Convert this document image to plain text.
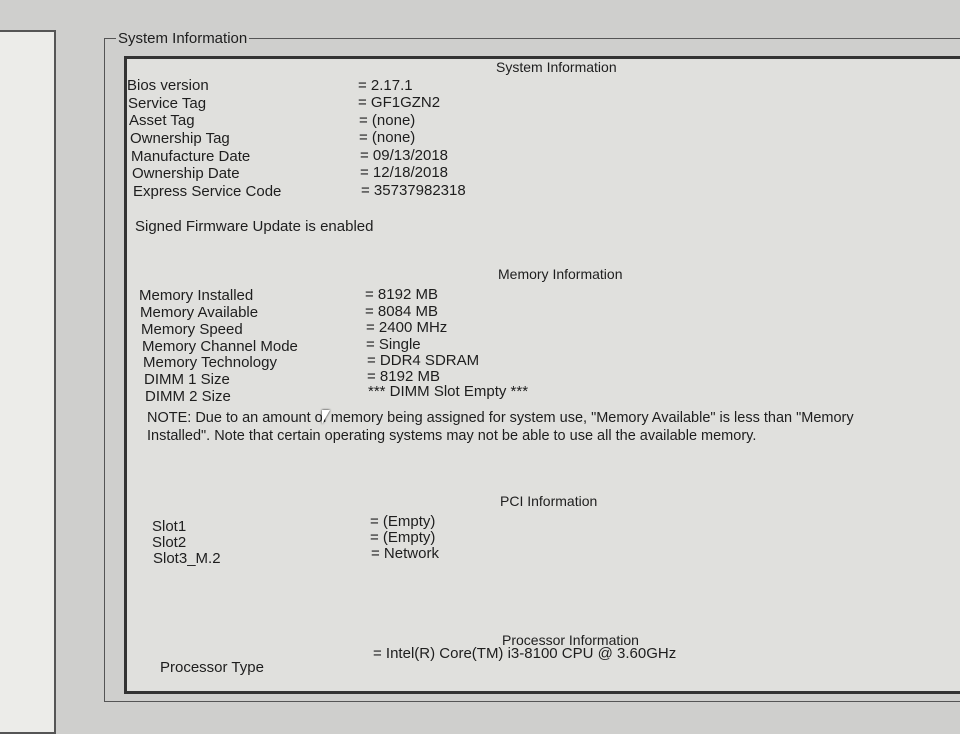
System Information
System Information
Bios version	= 2.17.1
Service Tag	= GF1GZN2
Asset Tag	= (none)
Ownership Tag	= (none)
Manufacture Date	= 09/13/2018
Ownership Date	= 12/18/2018
Express Service Code	= 35737982318
Signed Firmware Update is enabled
Memory Information
Memory Installed	= 8192 MB
Memory Available	= 8084 MB
Memory Speed	= 2400 MHz
Memory Channel Mode	= Single
Memory Technology	= DDR4 SDRAM
DIMM 1 Size	= 8192 MB
DIMM 2 Size	*** DIMM Slot Empty ***
NOTE: Due to an amount of memory being assigned for system use, "Memory Available" is less than "Memory Installed". Note that certain operating systems may not be able to use all the available memory.
PCI Information
Slot1	= (Empty)
Slot2	= (Empty)
Slot3_M.2	= Network
Processor Information
Processor Type
= Intel(R) Core(TM) i3-8100 CPU @ 3.60GHz
